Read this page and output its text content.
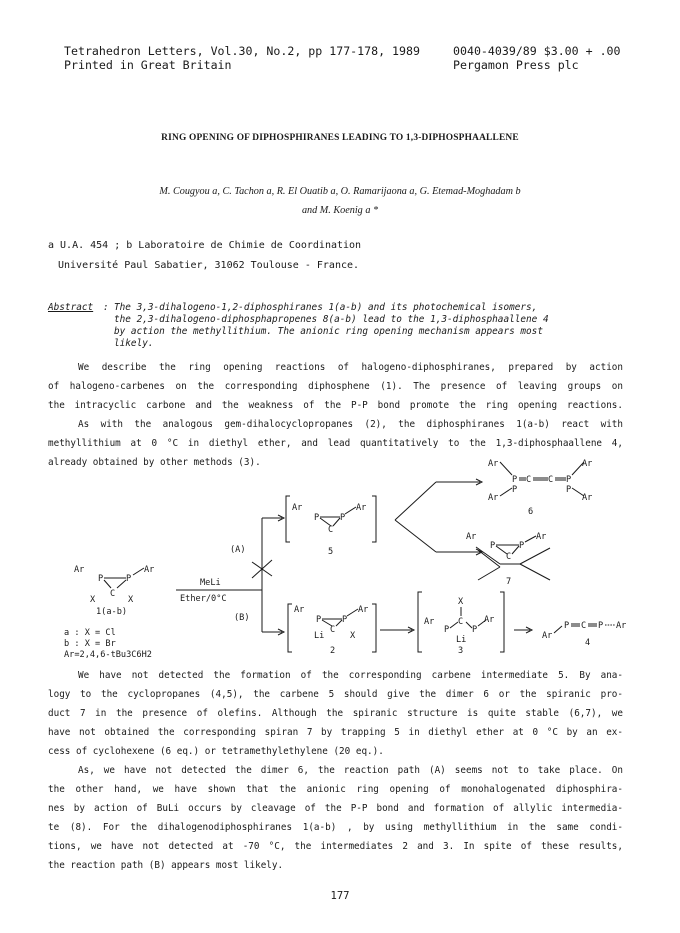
Tetrahedron Letters, Vol.30, No.2, pp 177-178, 1989	0040-4039/89 $3.00 + .00
Printed in Great Britain	Pergamon Press plc
RING OPENING OF DIPHOSPHIRANES LEADING TO 1,3-DIPHOSPHAALLENE
M. Cougyou a, C. Tachon a, R. El Ouatib a, O. Ramarijaona a, G. Etemad-Moghadam b
and M. Koenig a *
a U.A. 454 ; b Laboratoire de Chimie de Coordination
Université Paul Sabatier, 31062 Toulouse - France.
Abstract : The 3,3-dihalogeno-1,2-diphosphiranes 1(a-b) and its photochemical isomers,
the 2,3-dihalogeno-diphosphapropenes 8(a-b) lead to the 1,3-diphosphaallene 4
by action the methyllithium. The anionic ring opening mechanism appears most
likely.
We describe the ring opening reactions of halogeno-diphosphiranes, prepared by action
of halogeno-carbenes on the corresponding diphosphene (1). The presence of leaving groups on
the intracyclic carbone and the weakness of the P-P bond promote the ring opening reactions.
As with the analogous gem-dihalocyclopropanes (2), the diphosphiranes 1(a-b) react with
methyllithium at 0 °C in diethyl ether, and lead quantitatively to the 1,3-diphosphaallene 4,
already obtained by other methods (3).	Ar	Ar
P	P
C C
P	P
Ar	Ar
6
Ar
P P
Ar
C
5
Ar
P	P
Ar
C
7
(A)
Ar
P	P
Ar
X	X
C
1(a-b)
a : X = Cl
b : X = Br
Ar=2,4,6-tBu3C6H2
MeLi
Ether/0°C
(B)
Ar
P P
Ar
Li
C
X
2
X
Ar
P
C
P
Ar
Li
3
Ar
P C P Ar
4
We have not detected the formation of the corresponding carbene intermediate 5. By ana-
logy to the cyclopropanes (4,5), the carbene 5 should give the dimer 6 or the spiranic pro-
duct 7 in the presence of olefins. Although the spiranic structure is quite stable (6,7), we
have not obtained the corresponding spiran 7 by trapping 5 in diethyl ether at 0 °C by an ex-
cess of cyclohexene (6 eq.) or tetramethylethylene (20 eq.).
As, we have not detected the dimer 6, the reaction path (A) seems not to take place. On
the other hand, we have shown that the anionic ring opening of monohalogenated diphosphira-
nes by action of BuLi occurs by cleavage of the P-P bond and formation of allylic intermedia-
te (8). For the dihalogenodiphosphiranes 1(a-b) , by using methyllithium in the same condi-
tions, we have not detected at -70 °C, the intermediates 2 and 3. In spite of these results,
the reaction path (B) appears most likely.
177
